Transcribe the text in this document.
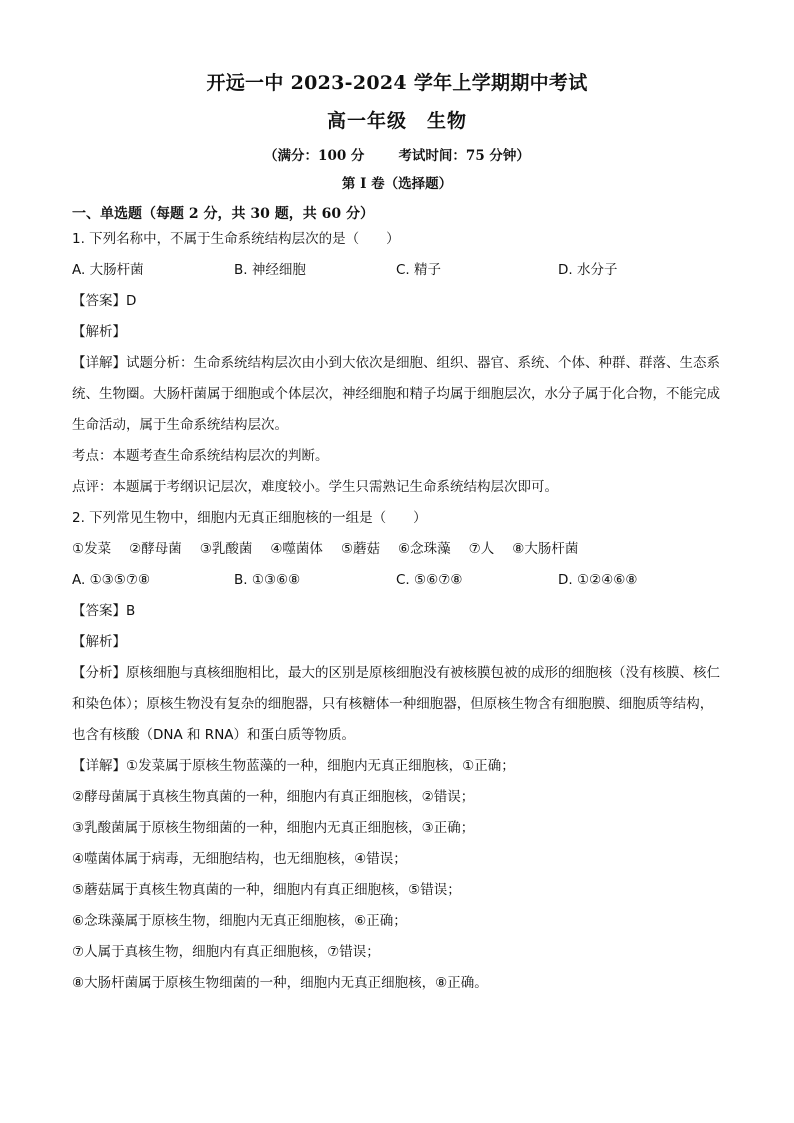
开远一中 2023-2024 学年上学期期中考试
高一年级　生物
（满分：100 分	考试时间：75 分钟）
第 I 卷（选择题）
一、单选题（每题 2 分，共 30 题，共 60 分）
1. 下列名称中，不属于生命系统结构层次的是（　　）
A. 大肠杆菌	B. 神经细胞	C. 精子	D. 水分子
【答案】D
【解析】
【详解】试题分析：生命系统结构层次由小到大依次是细胞、组织、器官、系统、个体、种群、群落、生态系统、生物圈。大肠杆菌属于细胞或个体层次，神经细胞和精子均属于细胞层次，水分子属于化合物，不能完成生命活动，属于生命系统结构层次。
考点：本题考查生命系统结构层次的判断。
点评：本题属于考纲识记层次，难度较小。学生只需熟记生命系统结构层次即可。
2. 下列常见生物中，细胞内无真正细胞核的一组是（　　）
①发菜 ②酵母菌 ③乳酸菌 ④噬菌体 ⑤蘑菇 ⑥念珠藻 ⑦人 ⑧大肠杆菌
A. ①③⑤⑦⑧	B. ①③⑥⑧	C. ⑤⑥⑦⑧	D. ①②④⑥⑧
【答案】B
【解析】
【分析】原核细胞与真核细胞相比，最大的区别是原核细胞没有被核膜包被的成形的细胞核（没有核膜、核仁和染色体）；原核生物没有复杂的细胞器，只有核糖体一种细胞器，但原核生物含有细胞膜、细胞质等结构，也含有核酸（DNA 和 RNA）和蛋白质等物质。
【详解】①发菜属于原核生物蓝藻的一种，细胞内无真正细胞核，①正确；
②酵母菌属于真核生物真菌的一种，细胞内有真正细胞核，②错误；
③乳酸菌属于原核生物细菌的一种，细胞内无真正细胞核，③正确；
④噬菌体属于病毒，无细胞结构，也无细胞核，④错误；
⑤蘑菇属于真核生物真菌的一种，细胞内有真正细胞核，⑤错误；
⑥念珠藻属于原核生物，细胞内无真正细胞核，⑥正确；
⑦人属于真核生物，细胞内有真正细胞核，⑦错误；
⑧大肠杆菌属于原核生物细菌的一种，细胞内无真正细胞核，⑧正确。
